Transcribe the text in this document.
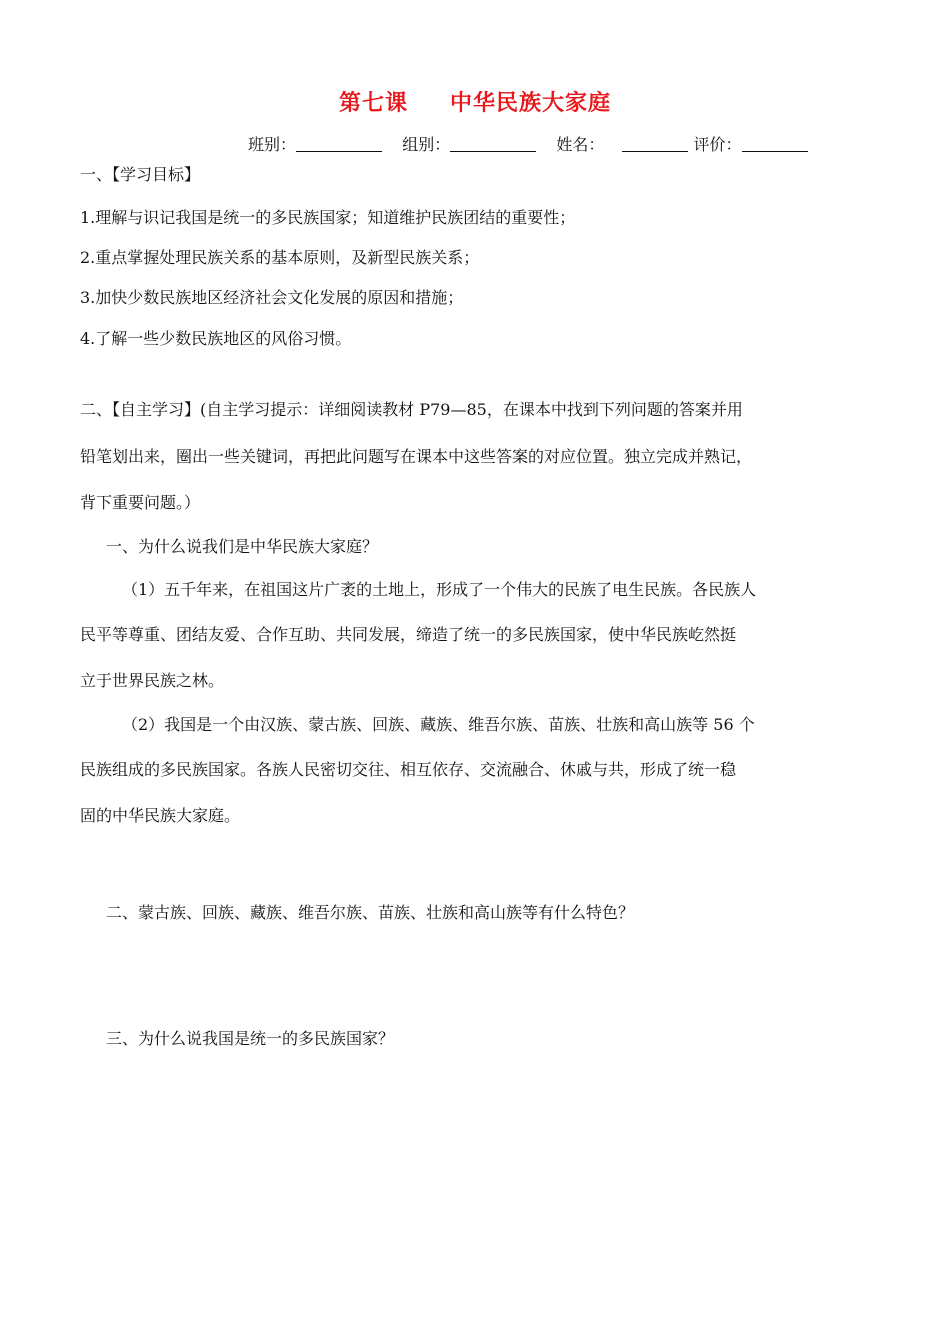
第七课 中华民族大家庭
班别：	组别：	姓名：	评价：
一、【学习目标】
1.理解与识记我国是统一的多民族国家；知道维护民族团结的重要性；
2.重点掌握处理民族关系的基本原则，及新型民族关系；
3.加快少数民族地区经济社会文化发展的原因和措施；
4.了解一些少数民族地区的风俗习惯。
二、【自主学习】(自主学习提示：详细阅读教材 P79—85，在课本中找到下列问题的答案并用
铅笔划出来，圈出一些关键词，再把此问题写在课本中这些答案的对应位置。独立完成并熟记，
背下重要问题。）
一、为什么说我们是中华民族大家庭？
（1）五千年来，在祖国这片广袤的土地上，形成了一个伟大的民族了电生民族。各民族人
民平等尊重、团结友爱、合作互助、共同发展，缔造了统一的多民族国家，使中华民族屹然挺
立于世界民族之林。
（2）我国是一个由汉族、蒙古族、回族、藏族、维吾尔族、苗族、壮族和高山族等 56 个
民族组成的多民族国家。各族人民密切交往、相互依存、交流融合、休戚与共，形成了统一稳
固的中华民族大家庭。
二、蒙古族、回族、藏族、维吾尔族、苗族、壮族和高山族等有什么特色？
三、为什么说我国是统一的多民族国家？
